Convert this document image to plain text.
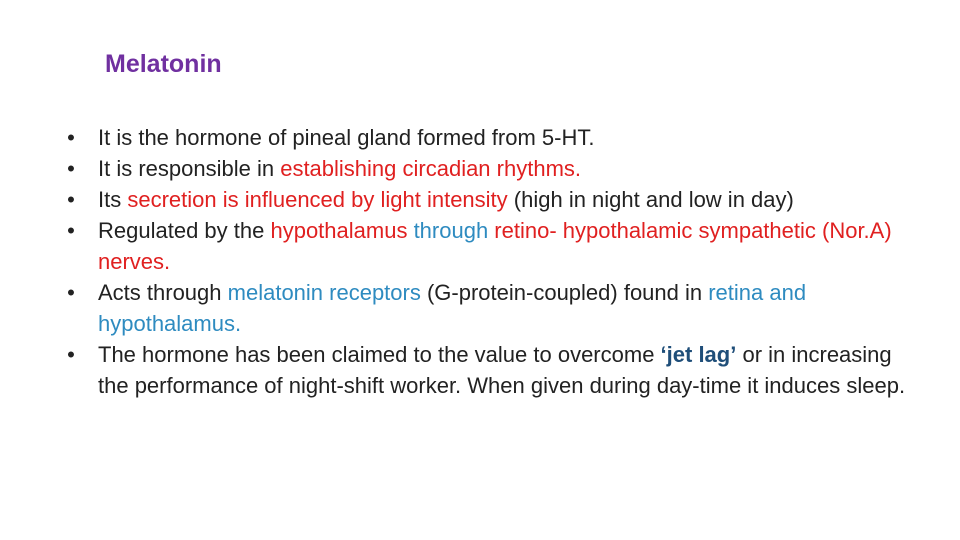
Melatonin
•	It is the hormone of pineal gland formed from 5-HT.
•	It is responsible in establishing circadian rhythms.
•	Its secretion is influenced by light intensity (high in night and low in day)
•	Regulated by the hypothalamus through retino- hypothalamic sympathetic (Nor.A) nerves.
•	Acts through melatonin receptors (G-protein-coupled) found in retina and hypothalamus.
•	The hormone has been claimed to the value to overcome ‘jet lag’ or in increasing the performance of night-shift worker. When given during day-time it induces sleep.
